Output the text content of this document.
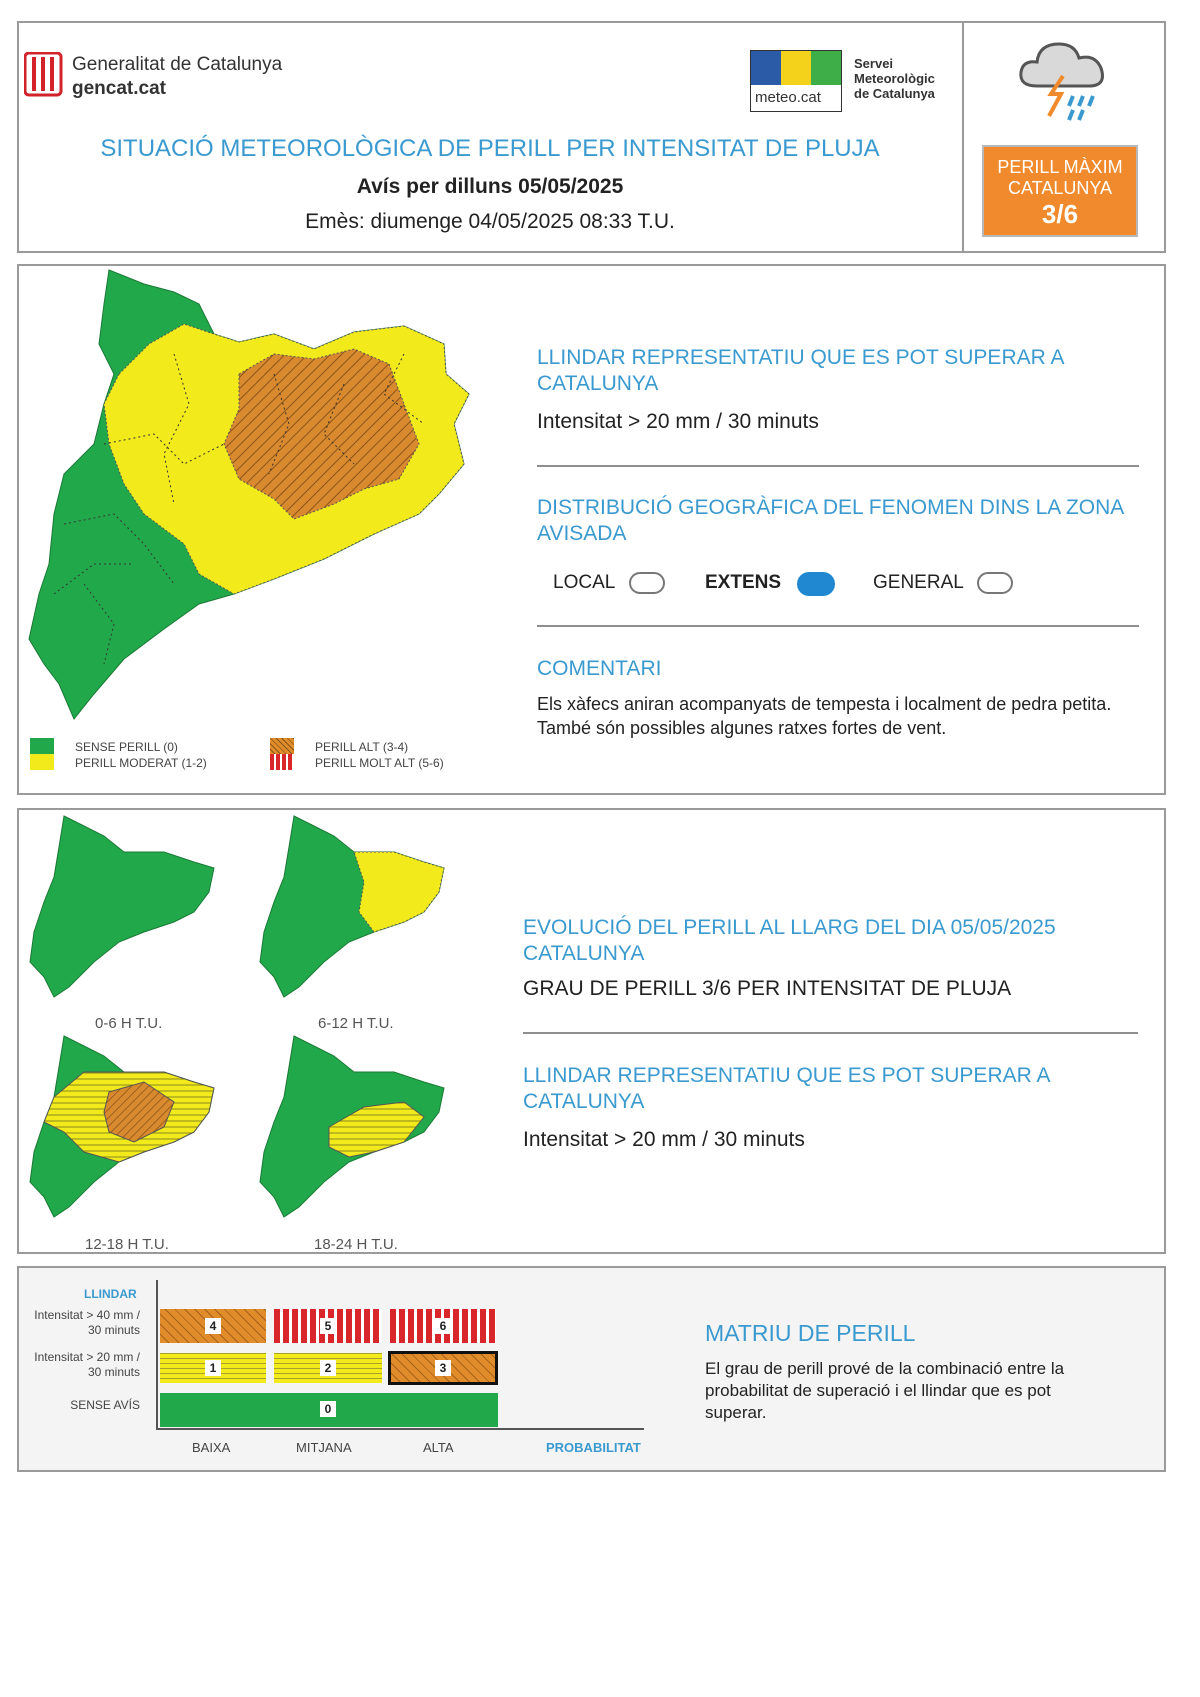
Generalitat de Catalunya

gencat.cat	meteo.cat
Servei
Meteorològic
de Catalunya

SITUACIÓ METEOROLÒGICA DE PERILL PER INTENSITAT DE PLUJA

Avís per dilluns 05/05/2025

Emès: diumenge 04/05/2025 08:33 T.U.

PERILL MÀXIM
CATALUNYA
3/6
SENSE PERILL (0)
PERILL MODERAT (1-2)
PERILL ALT (3-4)
PERILL MOLT ALT (5-6)

LLINDAR REPRESENTATIU QUE ES POT SUPERAR A CATALUNYA

Intensitat > 20 mm / 30 minuts

DISTRIBUCIÓ GEOGRÀFICA DEL FENOMEN DINS LA ZONA AVISADA

LOCAL	EXTENS	GENERAL

COMENTARI

Els xàfecs aniran acompanyats de tempesta i localment de pedra petita. També són possibles algunes ratxes fortes de vent.

0-6 H T.U.	6-12 H T.U.

12-18 H T.U.	18-24 H T.U.

EVOLUCIÓ DEL PERILL AL LLARG DEL DIA 05/05/2025 CATALUNYA

GRAU DE PERILL 3/6 PER INTENSITAT DE PLUJA

LLINDAR REPRESENTATIU QUE ES POT SUPERAR A CATALUNYA

Intensitat > 20 mm / 30 minuts

LLINDAR

Intensitat > 40 mm / 30 minuts
Intensitat > 20 mm / 30 minuts
SENSE AVÍS
4	5	6
1	2	3
0

BAIXA	MITJANA	ALTA	PROBABILITAT

MATRIU DE PERILL

El grau de perill prové de la combinació entre la probabilitat de superació i el llindar que es pot superar.
